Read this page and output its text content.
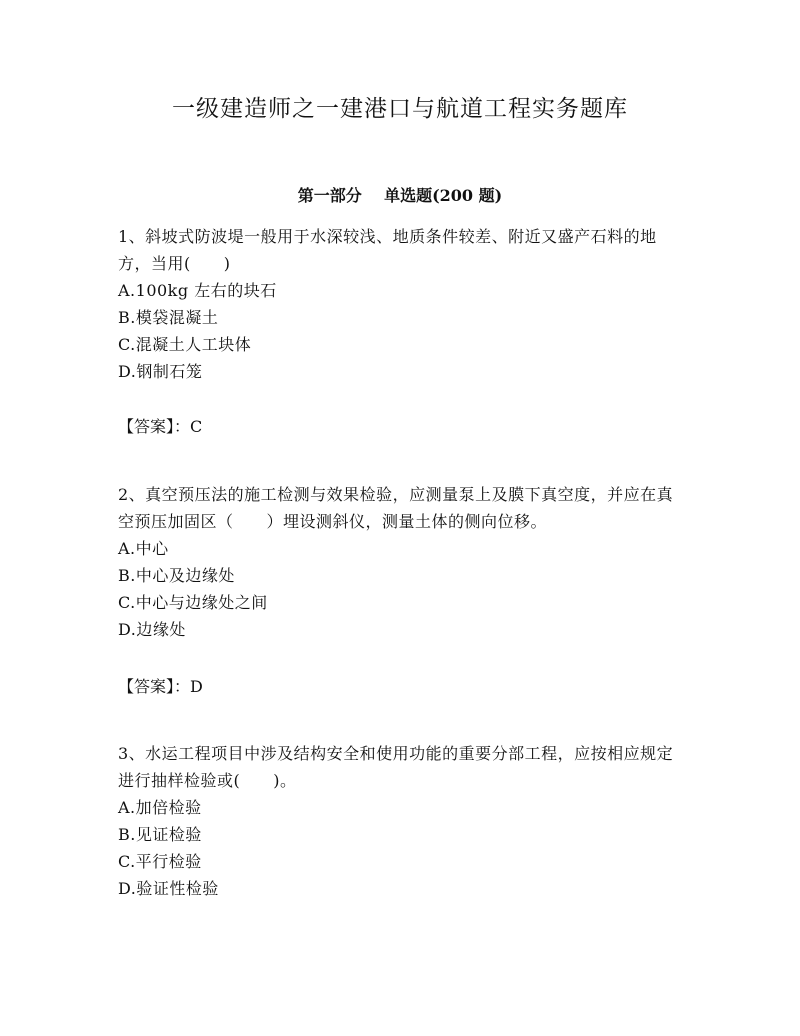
一级建造师之一建港口与航道工程实务题库
第一部分    单选题(200 题)

1、斜坡式防波堤一般用于水深较浅、地质条件较差、附近又盛产石料的地方，当用(　　)

A.100kg 左右的块石
B.模袋混凝土
C.混凝土人工块体
D.钢制石笼
【答案】：C

2、真空预压法的施工检测与效果检验，应测量泵上及膜下真空度，并应在真空预压加固区（　　）埋设测斜仪，测量土体的侧向位移。

A.中心
B.中心及边缘处
C.中心与边缘处之间
D.边缘处
【答案】：D

3、水运工程项目中涉及结构安全和使用功能的重要分部工程，应按相应规定进行抽样检验或(　　)。

A.加倍检验
B.见证检验
C.平行检验
D.验证性检验
